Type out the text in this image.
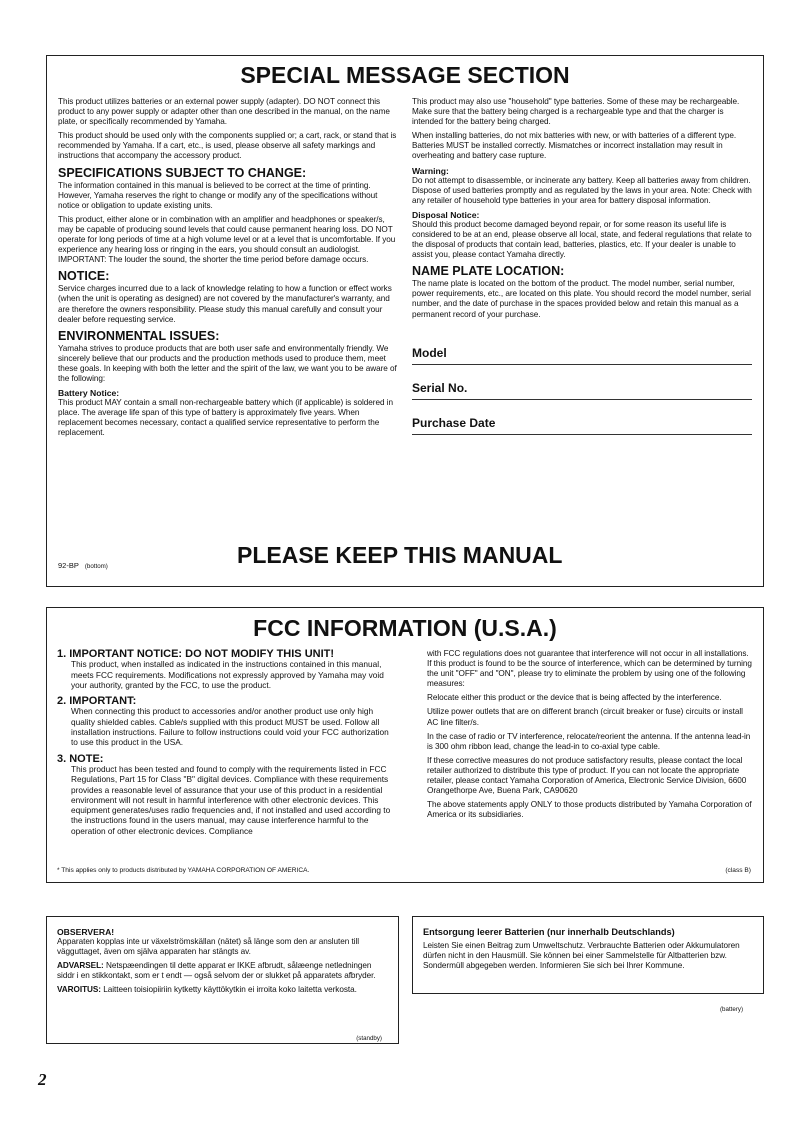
SPECIAL MESSAGE SECTION

This product utilizes batteries or an external power supply (adapter). DO NOT connect this product to any power supply or adapter other than one described in the manual, on the name plate, or specifically recommended by Yamaha.

This product should be used only with the components supplied or; a cart, rack, or stand that is recommended by Yamaha. If a cart, etc., is used, please observe all safety markings and instructions that accompany the accessory product.

SPECIFICATIONS SUBJECT TO CHANGE:

The information contained in this manual is believed to be correct at the time of printing. However, Yamaha reserves the right to change or modify any of the specifications without notice or obligation to update existing units.

This product, either alone or in combination with an amplifier and headphones or speaker/s, may be capable of producing sound levels that could cause permanent hearing loss. DO NOT operate for long periods of time at a high volume level or at a level that is uncomfortable. If you experience any hearing loss or ringing in the ears, you should consult an audiologist. IMPORTANT: The louder the sound, the shorter the time period before damage occurs.

NOTICE:

Service charges incurred due to a lack of knowledge relating to how a function or effect works (when the unit is operating as designed) are not covered by the manufacturer's warranty, and are therefore the owners responsibility. Please study this manual carefully and consult your dealer before requesting service.

ENVIRONMENTAL ISSUES:

Yamaha strives to produce products that are both user safe and environmentally friendly. We sincerely believe that our products and the production methods used to produce them, meet these goals. In keeping with both the letter and the spirit of the law, we want you to be aware of the following:

Battery Notice:

This product MAY contain a small non-rechargeable battery which (if applicable) is soldered in place. The average life span of this type of battery is approximately five years. When replacement becomes necessary, contact a qualified service representative to perform the replacement.

This product may also use "household" type batteries. Some of these may be rechargeable. Make sure that the battery being charged is a rechargeable type and that the charger is intended for the battery being charged.

When installing batteries, do not mix batteries with new, or with batteries of a different type. Batteries MUST be installed correctly. Mismatches or incorrect installation may result in overheating and battery case rupture.

Warning:

Do not attempt to disassemble, or incinerate any battery. Keep all batteries away from children. Dispose of used batteries promptly and as regulated by the laws in your area. Note: Check with any retailer of household type batteries in your area for battery disposal information.

Disposal Notice:

Should this product become damaged beyond repair, or for some reason its useful life is considered to be at an end, please observe all local, state, and federal regulations that relate to the disposal of products that contain lead, batteries, plastics, etc. If your dealer is unable to assist you, please contact Yamaha directly.

NAME PLATE LOCATION:

The name plate is located on the bottom of the product. The model number, serial number, power requirements, etc., are located on this plate. You should record the model number, serial number, and the date of purchase in the spaces provided below and retain this manual as a permanent record of your purchase.

Model
Serial No.
Purchase Date
92-BP (bottom)	PLEASE KEEP THIS MANUAL
FCC INFORMATION (U.S.A.)
1. IMPORTANT NOTICE: DO NOT MODIFY THIS UNIT!
This product, when installed as indicated in the instructions contained in this manual, meets FCC requirements. Modifications not expressly approved by Yamaha may void your authority, granted by the FCC, to use the product.
2. IMPORTANT:
When connecting this product to accessories and/or another product use only high quality shielded cables. Cable/s supplied with this product MUST be used. Follow all installation instructions. Failure to follow instructions could void your FCC authorization to use this product in the USA.
3. NOTE:
This product has been tested and found to comply with the requirements listed in FCC Regulations, Part 15 for Class "B" digital devices. Compliance with these requirements provides a reasonable level of assurance that your use of this product in a residential environment will not result in harmful interference with other electronic devices. This equipment generates/uses radio frequencies and, if not installed and used according to the instructions found in the users manual, may cause interference harmful to the operation of other electronic devices. Compliance

with FCC regulations does not guarantee that interference will not occur in all installations. If this product is found to be the source of interference, which can be determined by turning the unit "OFF" and "ON", please try to eliminate the problem by using one of the following measures:

Relocate either this product or the device that is being affected by the interference.

Utilize power outlets that are on different branch (circuit breaker or fuse) circuits or install AC line filter/s.

In the case of radio or TV interference, relocate/reorient the antenna. If the antenna lead-in is 300 ohm ribbon lead, change the lead-in to co-axial type cable.

If these corrective measures do not produce satisfactory results, please contact the local retailer authorized to distribute this type of product. If you can not locate the appropriate retailer, please contact Yamaha Corporation of America, Electronic Service Division, 6600 Orangethorpe Ave, Buena Park, CA90620

The above statements apply ONLY to those products distributed by Yamaha Corporation of America or its subsidiaries.

* This applies only to products distributed by YAMAHA CORPORATION OF AMERICA.	(class B)
OBSERVERA!

Apparaten kopplas inte ur växelströmskällan (nätet) så länge som den ar ansluten till vägguttaget, även om själva apparaten har stängts av.

ADVARSEL: Netspæendingen til dette apparat er IKKE afbrudt, sålæenge netledningen siddr i en stikkontakt, som er t endt — også selvom der or slukket på apparatets afbryder.

VAROITUS: Laitteen toisiopiiriin kytketty käyttökytkin ei irroita koko laitetta verkosta.

(standby)
Entsorgung leerer Batterien (nur innerhalb Deutschlands)

Leisten Sie einen Beitrag zum Umweltschutz. Verbrauchte Batterien oder Akkumulatoren dürfen nicht in den Hausmüll. Sie können bei einer Sammelstelle für Altbatterien bzw. Sondermüll abgegeben werden. Informieren Sie sich bei Ihrer Kommune.

(battery)
2
